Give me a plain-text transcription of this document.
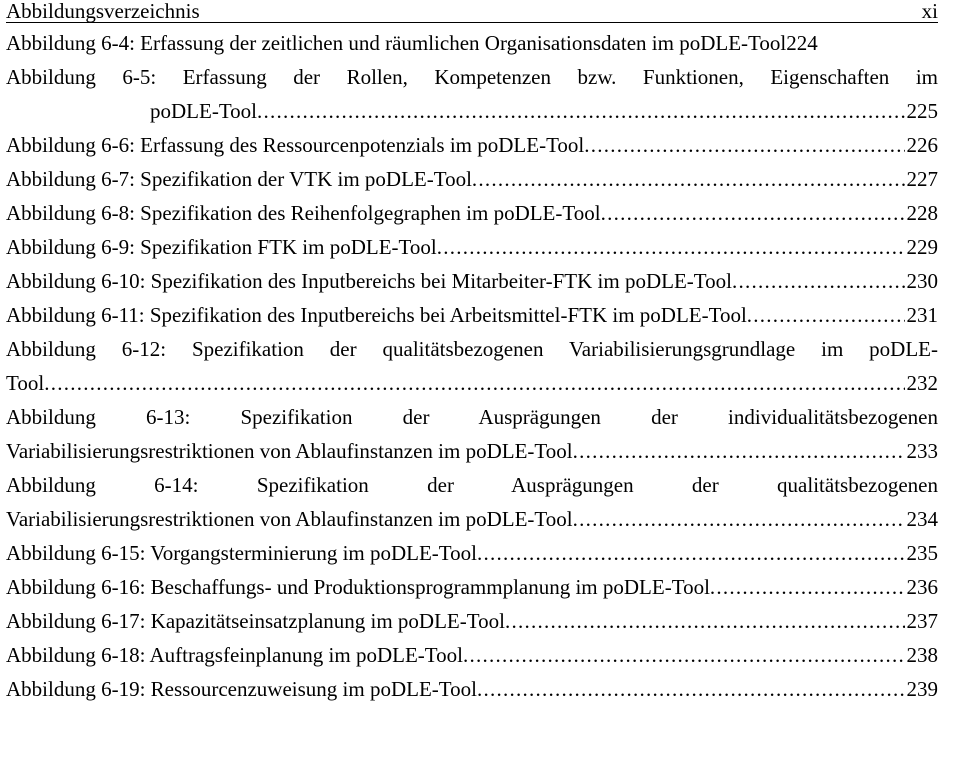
Abbildungsverzeichnis	xi
Abbildung 6-4: Erfassung der zeitlichen und räumlichen Organisationsdaten im poDLE-Tool 224
Abbildung 6-5: Erfassung der Rollen, Kompetenzen bzw. Funktionen, Eigenschaften im
poDLE-Tool . . .	225
Abbildung 6-6: Erfassung des Ressourcenpotenzials im poDLE-Tool . . .	226
Abbildung 6-7: Spezifikation der VTK im poDLE-Tool . . .	227
Abbildung 6-8: Spezifikation des Reihenfolgegraphen im poDLE-Tool . . .	228
Abbildung 6-9: Spezifikation FTK im poDLE-Tool . . .	229
Abbildung 6-10: Spezifikation des Inputbereichs bei Mitarbeiter-FTK im poDLE-Tool . . .	230
Abbildung 6-11: Spezifikation des Inputbereichs bei Arbeitsmittel-FTK im poDLE-Tool . . .	231
Abbildung 6-12: Spezifikation der qualitätsbezogenen Variabilisierungsgrundlage im poDLE-
Tool . . .	232
Abbildung 6-13: Spezifikation der Ausprägungen der individualitätsbezogenen
Variabilisierungsrestriktionen von Ablaufinstanzen im poDLE-Tool . . .	233
Abbildung 6-14: Spezifikation der Ausprägungen der qualitätsbezogenen
Variabilisierungsrestriktionen von Ablaufinstanzen im poDLE-Tool . . .	234
Abbildung 6-15: Vorgangsterminierung im poDLE-Tool . . .	235
Abbildung 6-16: Beschaffungs- und Produktionsprogrammplanung im poDLE-Tool . . .	236
Abbildung 6-17: Kapazitätseinsatzplanung im poDLE-Tool . . .	237
Abbildung 6-18: Auftragsfeinplanung im poDLE-Tool . . .	238
Abbildung 6-19: Ressourcenzuweisung im poDLE-Tool . . .	239
